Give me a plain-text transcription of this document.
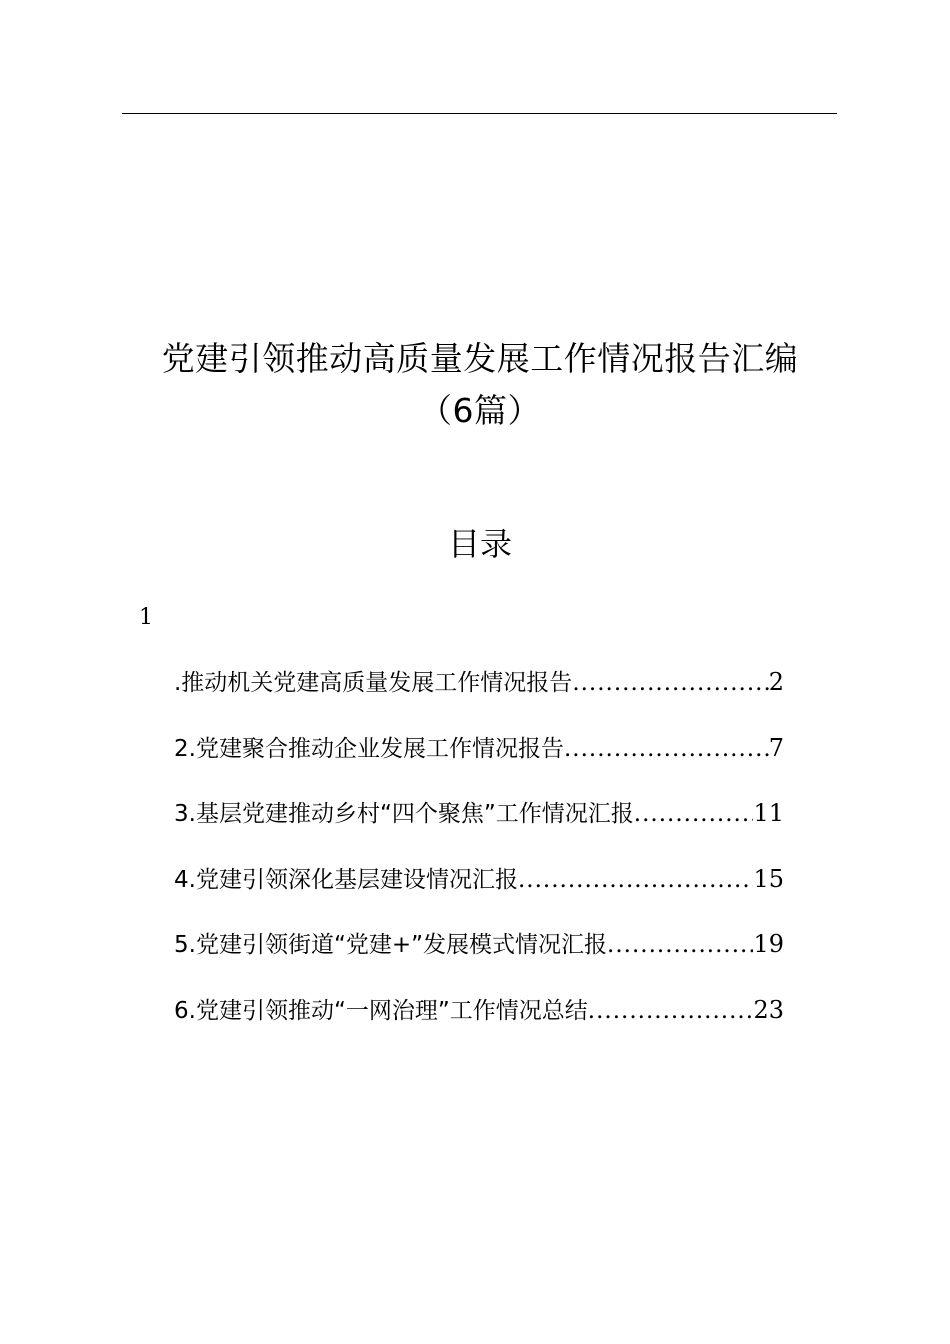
党建引领推动高质量发展工作情况报告汇编
（6篇）
目录
1
.推动机关党建高质量发展工作情况报告 .....	2
2.党建聚合推动企业发展工作情况报告 .....	7
3.基层党建推动乡村“四个聚焦”工作情况汇报 .....	11
4.党建引领深化基层建设情况汇报 .....	15
5.党建引领街道“党建+”发展模式情况汇报 .....	19
6.党建引领推动“一网治理”工作情况总结 .....	23
